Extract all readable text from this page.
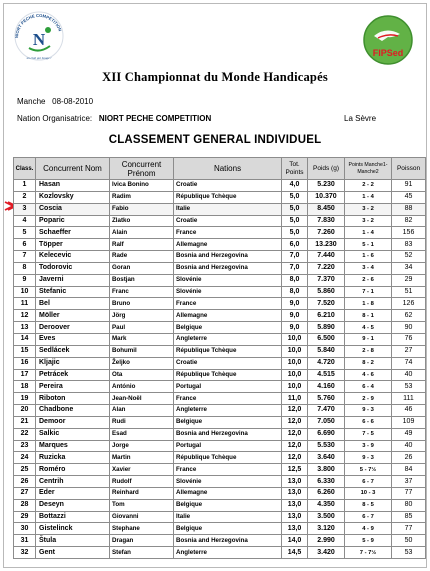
NIORT PECHE COMPETITION
N
un club qui bouge !	FIPSed
XII Championnat du Monde Handicapés
Manche 08-08-2010
Nation Organisatrice: NIORT PECHE COMPETITION	La Sèvre
CLASSEMENT GENERAL INDIVIDUEL
Class.	Concurrent Nom	Concurrent Prénom	Nations	Tot. Points	Poids (g)	Points Manche1-Manche2	Poisson
1	Hasan	Ivica Bonino	Croatie	4,0	5.230	2 - 2	91
2	Kozlovsky	Radim	République Tchèque	5,0	10.370	1 - 4	45
3	Coscia	Fabio	Italie	5,0	8.450	3 - 2	88
4	Poparic	Zlatko	Croatie	5,0	7.830	3 - 2	82
5	Schaeffer	Alain	France	5,0	7.260	1 - 4	156
6	Töpper	Ralf	Allemagne	6,0	13.230	5 - 1	83
7	Kelecevic	Rade	Bosnia and Herzegovina	7,0	7.440	1 - 6	52
8	Todorovic	Goran	Bosnia and Herzegovina	7,0	7.220	3 - 4	34
9	Javerni	Bostjan	Slovénie	8,0	7.370	2 - 6	29
10	Stefanic	Franc	Slovénie	8,0	5.860	7 - 1	51
11	Bel	Bruno	France	9,0	7.520	1 - 8	126
12	Möller	Jörg	Allemagne	9,0	6.210	8 - 1	62
13	Deroover	Paul	Belgique	9,0	5.890	4 - 5	90
14	Eves	Mark	Angleterre	10,0	6.500	9 - 1	76
15	Sedlácek	Bohumil	République Tchèque	10,0	5.840	2 - 8	27
16	Kljajic	Željko	Croatie	10,0	4.720	8 - 2	74
17	Petrácek	Ota	République Tchèque	10,0	4.515	4 - 6	40
18	Pereira	António	Portugal	10,0	4.160	6 - 4	53
19	Riboton	Jean-Noël	France	11,0	5.760	2 - 9	111
20	Chadbone	Alan	Angleterre	12,0	7.470	9 - 3	46
21	Demoor	Rudi	Belgique	12,0	7.050	6 - 6	109
22	Salkic	Esad	Bosnia and Herzegovina	12,0	6.690	7 - 5	49
23	Marques	Jorge	Portugal	12,0	5.530	3 - 9	40
24	Ruzicka	Martin	République Tchèque	12,0	3.640	9 - 3	26
25	Roméro	Xavier	France	12,5	3.800	5 - 7½	84
26	Centrih	Rudolf	Slovénie	13,0	6.330	6 - 7	37
27	Eder	Reinhard	Allemagne	13,0	6.260	10 - 3	77
28	Deseyn	Tom	Belgique	13,0	4.350	8 - 5	80
29	Bottazzi	Giovanni	Italie	13,0	3.500	6 - 7	85
30	Gistelinck	Stephane	Belgique	13,0	3.120	4 - 9	77
31	Štula	Dragan	Bosnia and Herzegovina	14,0	2.990	5 - 9	50
32	Gent	Stefan	Angleterre	14,5	3.420	7 - 7½	53
